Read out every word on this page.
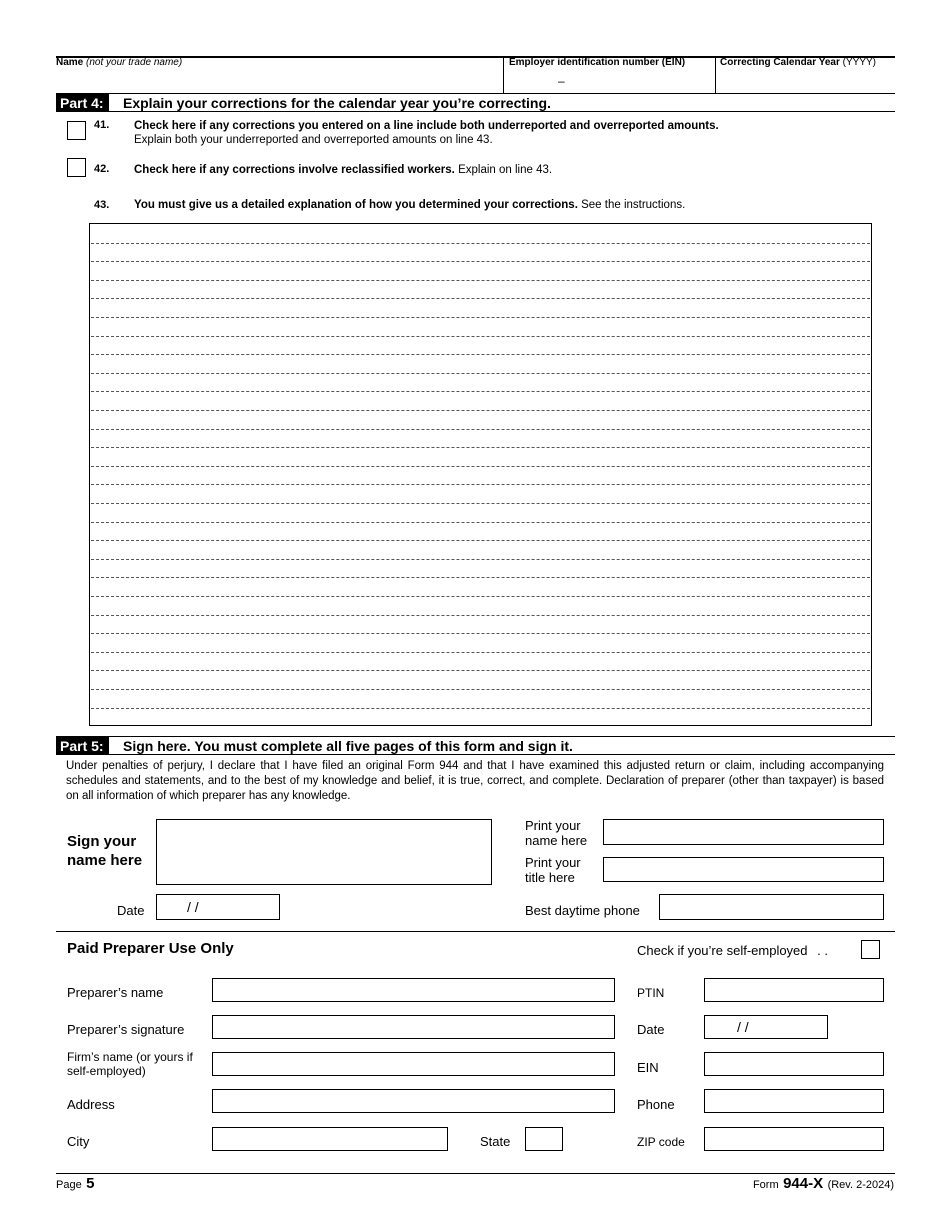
Name (not your trade name)	Employer identification number (EIN)
–
Correcting Calendar Year (YYYY)
Part 4:	Explain your corrections for the calendar year you’re correcting.
41. Check here if any corrections you entered on a line include both underreported and overreported amounts.
Explain both your underreported and overreported amounts on line 43.
42. Check here if any corrections involve reclassified workers. Explain on line 43.
43. You must give us a detailed explanation of how you determined your corrections. See the instructions.
Part 5:	Sign here. You must complete all five pages of this form and sign it.
Under penalties of perjury, I declare that I have filed an original Form 944 and that I have examined this adjusted return or claim, including accompanying schedules and statements, and to the best of my knowledge and belief, it is true, correct, and complete. Declaration of preparer (other than taxpayer) is based on all information of which preparer has any knowledge.
Sign your
name here
Print your
name here
Print your
title here
Date	/ /	Best daytime phone
Paid Preparer Use Only	Check if you’re self-employed . .
Preparer’s name	PTIN
Preparer’s signature	Date	/ /
Firm’s name (or yours if
self-employed)	EIN
Address	Phone
City	State	ZIP code
Page 5	Form 944-X (Rev. 2-2024)
